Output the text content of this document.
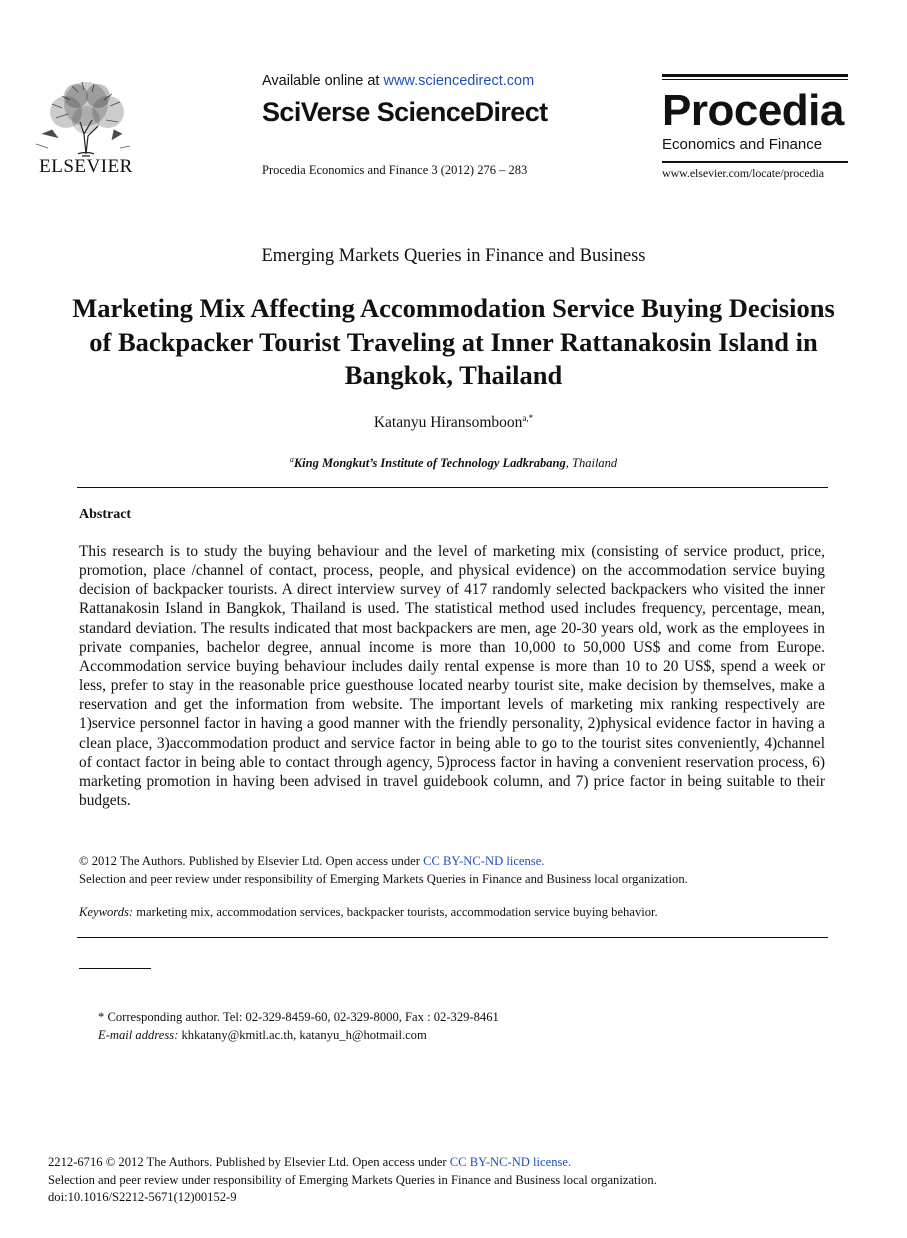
ELSEVIER
Available online at www.sciencedirect.com
SciVerse ScienceDirect
Procedia Economics and Finance 3 (2012) 276 – 283
Procedia
Economics and Finance
www.elsevier.com/locate/procedia
Emerging Markets Queries in Finance and Business
Marketing Mix Affecting Accommodation Service Buying Decisions of Backpacker Tourist Traveling at Inner Rattanakosin Island in Bangkok, Thailand
Katanyu Hiransomboon$^{a,*}$
$^a$King Mongkut’s Institute of Technology Ladkrabang, Thailand
Abstract
This research is to study the buying behaviour and the level of marketing mix (consisting of service product, price, promotion, place /channel of contact, process, people, and physical evidence) on the accommodation service buying decision of backpacker tourists. A direct interview survey of 417 randomly selected backpackers who visited the inner Rattanakosin Island in Bangkok, Thailand is used. The statistical method used includes frequency, percentage, mean, standard deviation. The results indicated that most backpackers are men, age 20-30 years old, work as the employees in private companies, bachelor degree, annual income is more than 10,000 to 50,000 US$ and come from Europe. Accommodation service buying behaviour includes daily rental expense is more than 10 to 20 US$, spend a week or less, prefer to stay in the reasonable price guesthouse located nearby tourist site, make decision by themselves, make a reservation and get the information from website. The important levels of marketing mix ranking respectively are 1)service personnel factor in having a good manner with the friendly personality, 2)physical evidence factor in having a clean place, 3)accommodation product and service factor in being able to go to the tourist sites conveniently, 4)channel of contact factor in being able to contact through agency, 5)process factor in having a convenient reservation process, 6) marketing promotion in having been advised in travel guidebook column, and 7) price factor in being suitable to their budgets.
© 2012 The Authors. Published by Elsevier Ltd. Open access under CC BY-NC-ND license.
Selection and peer review under responsibility of Emerging Markets Queries in Finance and Business local organization.
Keywords: marketing mix, accommodation services, backpacker tourists, accommodation service buying behavior.
* Corresponding author. Tel: 02-329-8459-60, 02-329-8000, Fax : 02-329-8461
E-mail address: khkatany@kmitl.ac.th, katanyu_h@hotmail.com
2212-6716 © 2012 The Authors. Published by Elsevier Ltd. Open access under CC BY-NC-ND license.
Selection and peer review under responsibility of Emerging Markets Queries in Finance and Business local organization.
doi:10.1016/S2212-5671(12)00152-9
